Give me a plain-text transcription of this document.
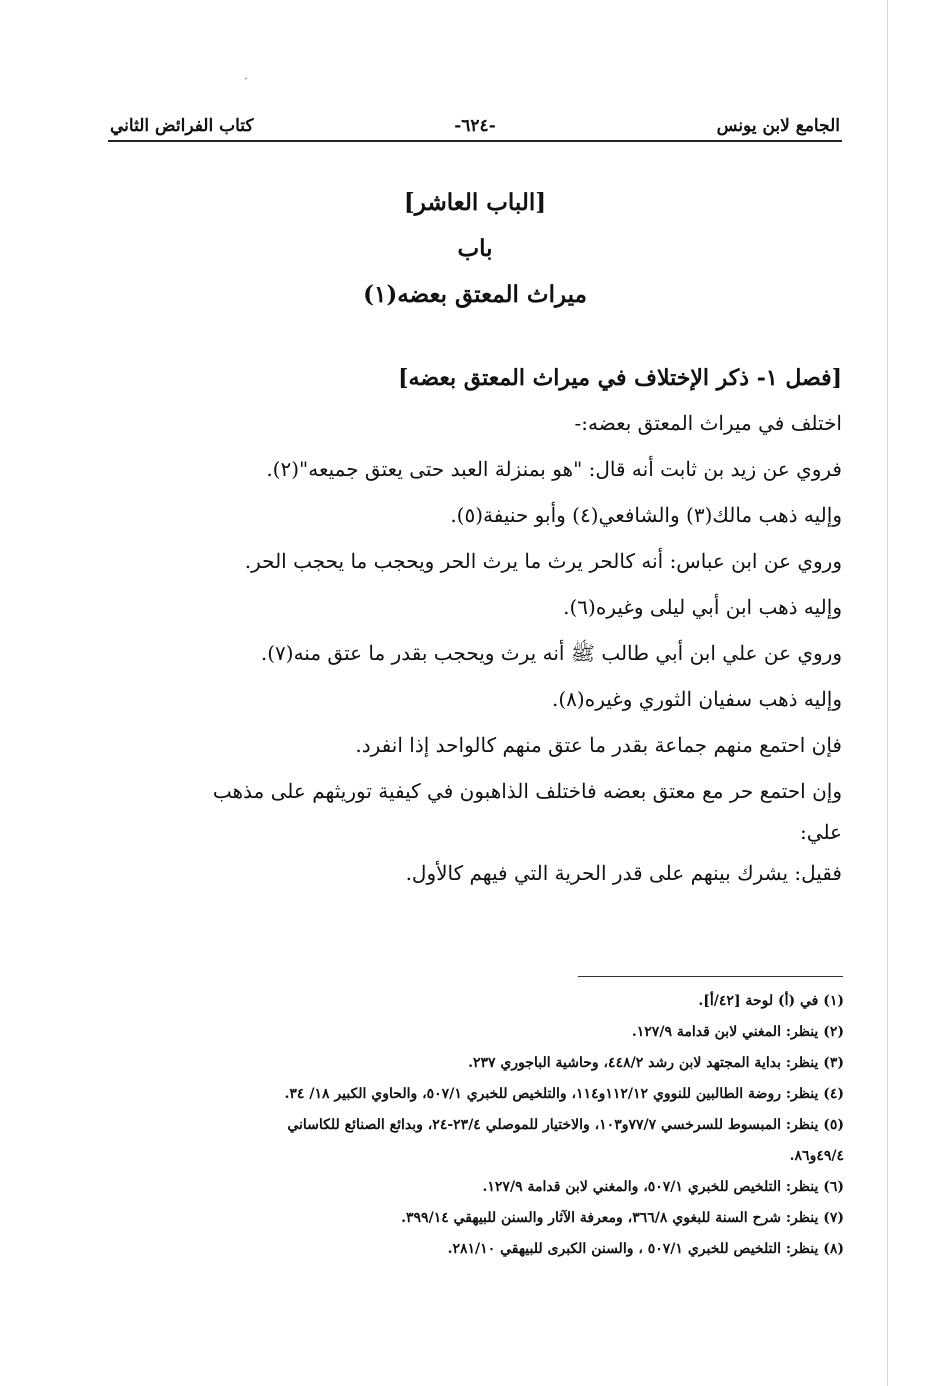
ˏ
الجامع لابن يونس
-٦٢٤-
كتاب الفرائض الثاني
[الباب العاشر]
باب
ميراث المعتق بعضه(١)

[فصل ١- ذكر الإختلاف في ميراث المعتق بعضه]

اختلف في ميراث المعتق بعضه:-

فروي عن زيد بن ثابت أنه قال: "هو بمنزلة العبد حتى يعتق جميعه"(٢).

وإليه ذهب مالك(٣) والشافعي(٤) وأبو حنيفة(٥).

وروي عن ابن عباس: أنه كالحر يرث ما يرث الحر ويحجب ما يحجب الحر.

وإليه ذهب ابن أبي ليلى وغيره(٦).

وروي عن علي ابن أبي طالب ﷺ أنه يرث ويحجب بقدر ما عتق منه(٧).

وإليه ذهب سفيان الثوري وغيره(٨).

فإن احتمع منهم جماعة بقدر ما عتق منهم كالواحد إذا انفرد.

وإن احتمع حر مع معتق بعضه فاختلف الذاهبون في كيفية توريثهم على مذهب

علي:

فقيل: يشرك بينهم على قدر الحرية التي فيهم كالأول.

(١) في (أ) لوحة [٤٢/أ].

(٢) ينظر: المغني لابن قدامة ١٢٧/٩.

(٣) ينظر: بداية المجتهد لابن رشد ٤٤٨/٢، وحاشية الباجوري ٢٣٧.

(٤) ينظر: روضة الطالبين للنووي ١١٢/١٢و١١٤، والتلخيص للخبري ٥٠٧/١، والحاوي الكبير ١٨/ ٣٤.

(٥) ينظر: المبسوط للسرخسي ٧٧/٧و١٠٣، والاختيار للموصلي ٢٣/٤-٢٤، وبدائع الصنائع للكاساني

٤٩/٤و٨٦.

(٦) ينظر: التلخيص للخبري ٥٠٧/١، والمغني لابن قدامة ١٢٧/٩.

(٧) ينظر: شرح السنة للبغوي ٣٦٦/٨، ومعرفة الآثار والسنن للبيهقي ٣٩٩/١٤.

(٨) ينظر: التلخيص للخبري ٥٠٧/١ ، والسنن الكبرى للبيهقي ٢٨١/١٠.
